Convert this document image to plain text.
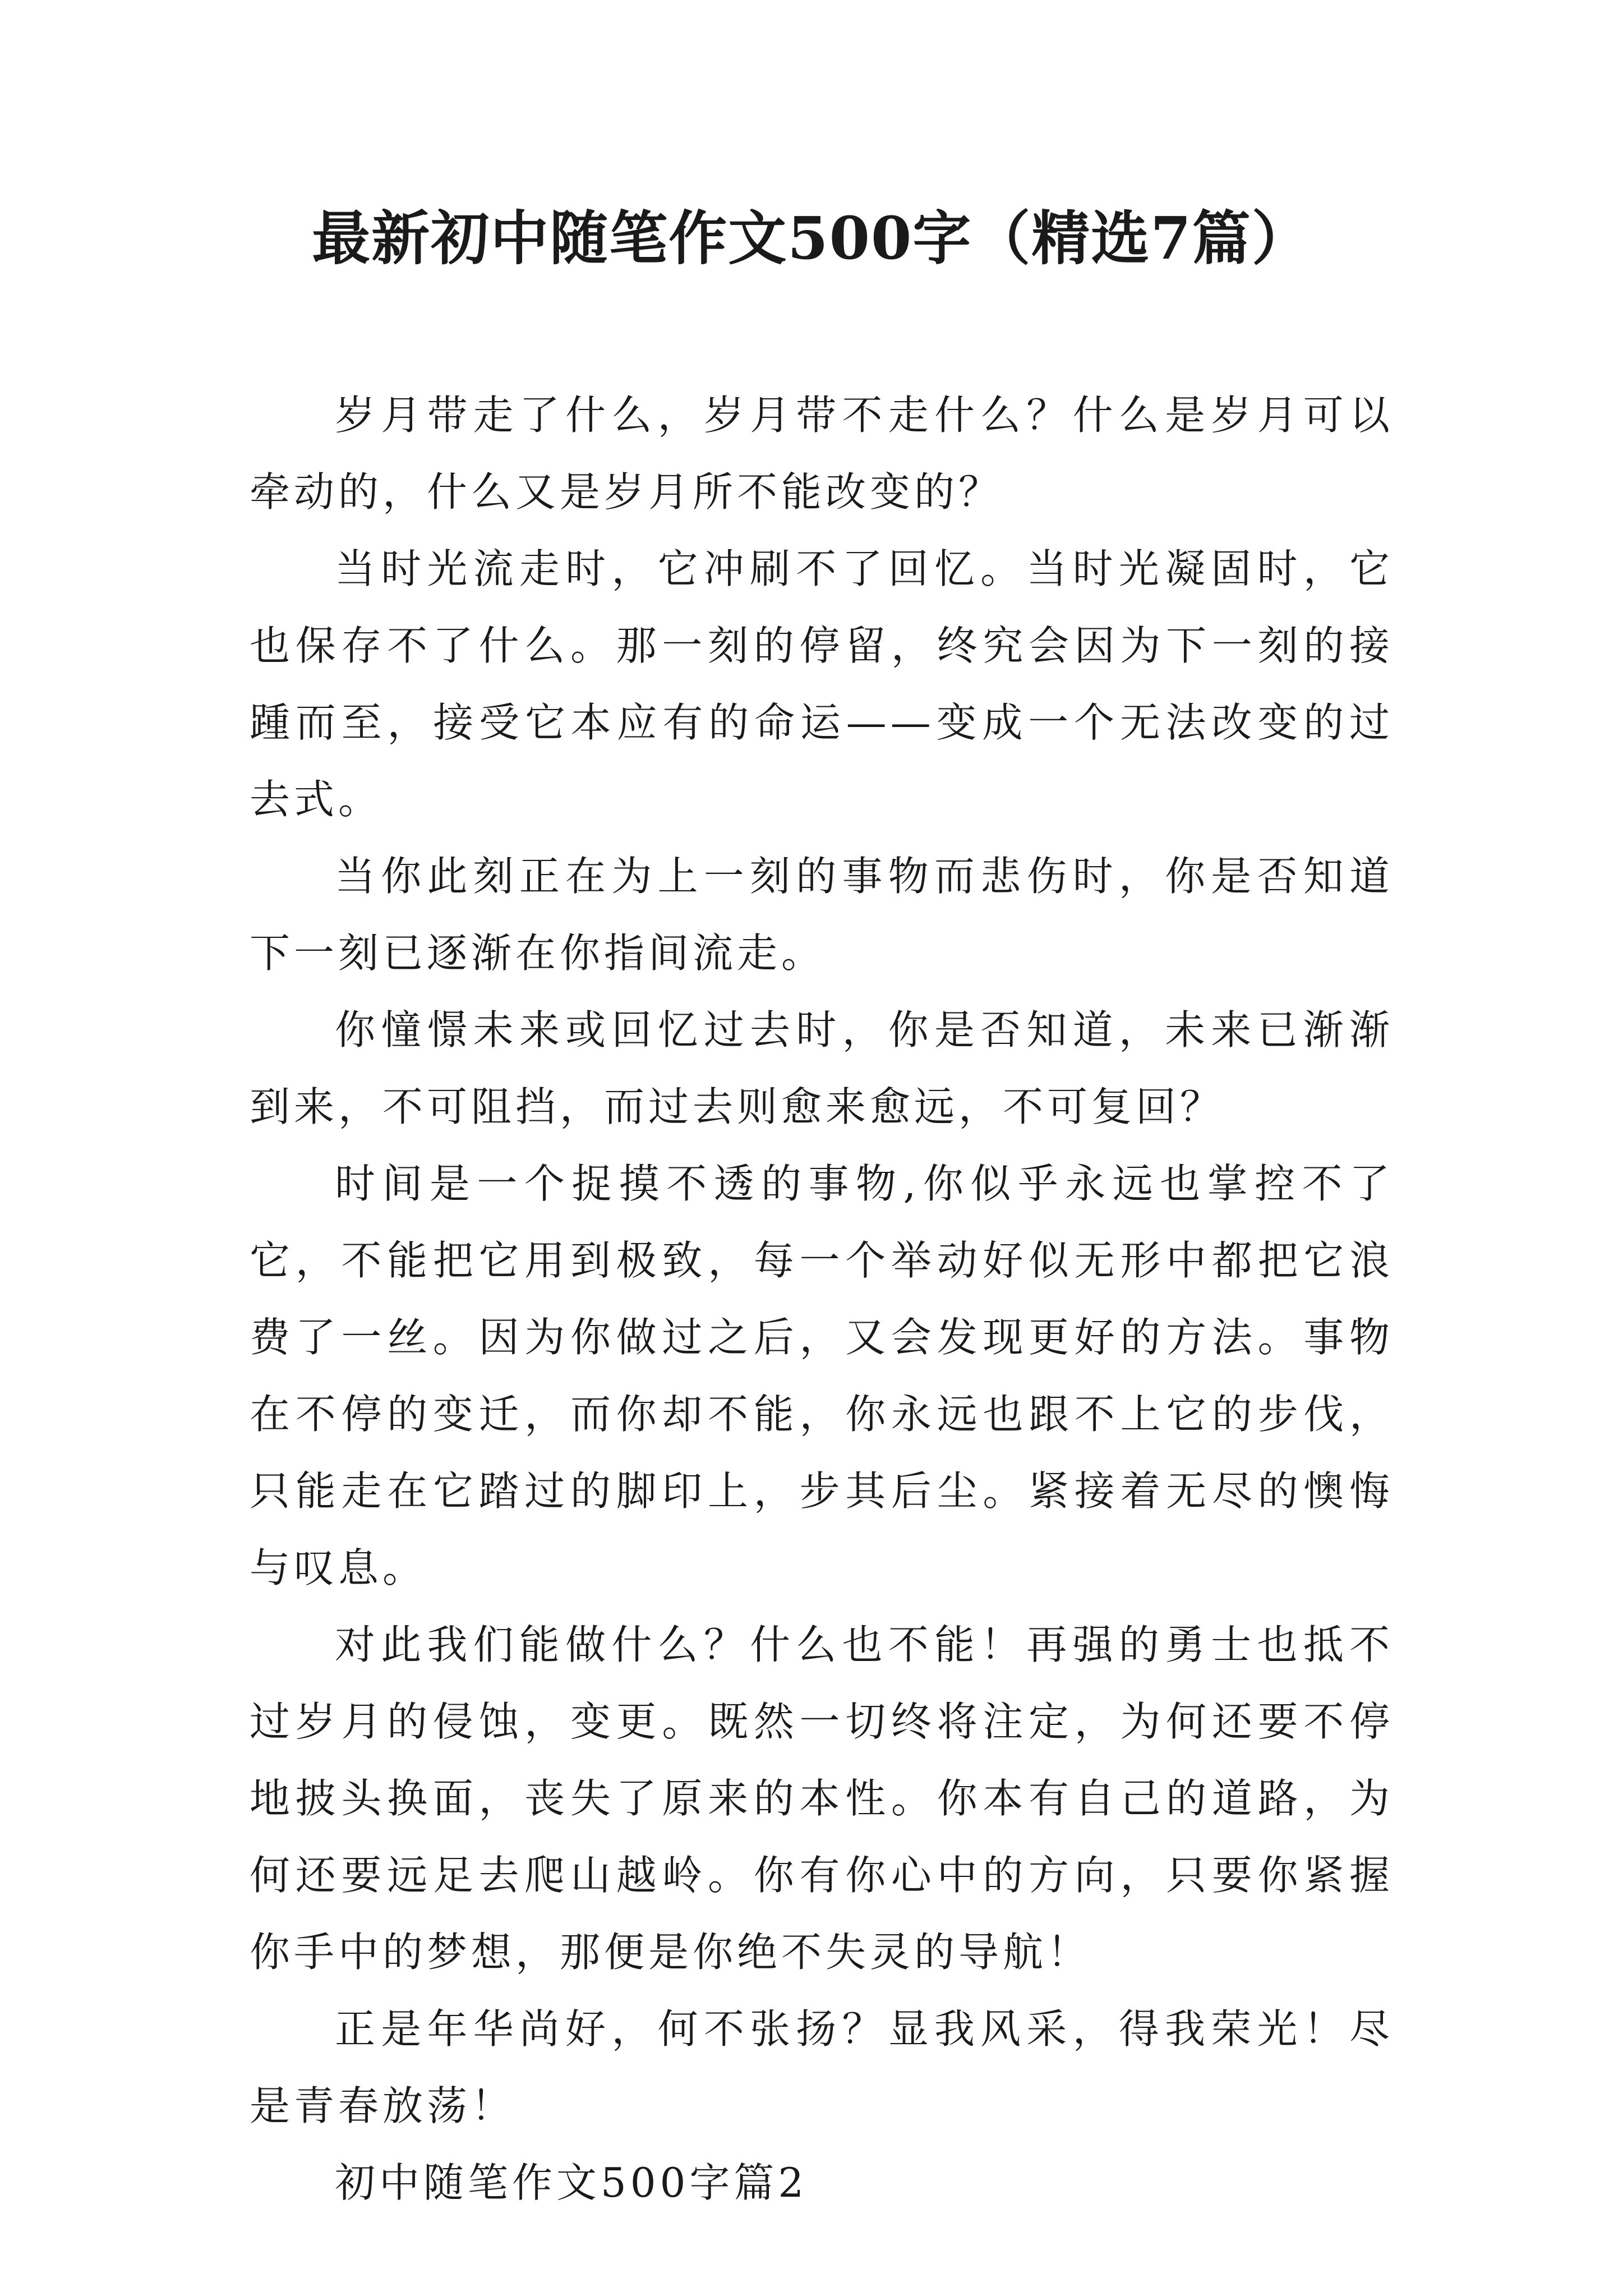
最新初中随笔作文500字（精选7篇）

岁月带走了什么，岁月带不走什么？什么是岁月可以牵动的，什么又是岁月所不能改变的？

当时光流走时，它冲刷不了回忆。当时光凝固时，它也保存不了什么。那一刻的停留，终究会因为下一刻的接踵而至，接受它本应有的命运——变成一个无法改变的过去式。

当你此刻正在为上一刻的事物而悲伤时，你是否知道下一刻已逐渐在你指间流走。

你憧憬未来或回忆过去时，你是否知道，未来已渐渐到来，不可阻挡，而过去则愈来愈远，不可复回？

时间是一个捉摸不透的事物,你似乎永远也掌控不了它，不能把它用到极致，每一个举动好似无形中都把它浪费了一丝。因为你做过之后，又会发现更好的方法。事物在不停的变迁，而你却不能，你永远也跟不上它的步伐，只能走在它踏过的脚印上，步其后尘。紧接着无尽的懊悔与叹息。

对此我们能做什么？什么也不能！再强的勇士也抵不过岁月的侵蚀，变更。既然一切终将注定，为何还要不停地披头换面，丧失了原来的本性。你本有自己的道路，为何还要远足去爬山越岭。你有你心中的方向，只要你紧握你手中的梦想，那便是你绝不失灵的导航！

正是年华尚好，何不张扬？显我风采，得我荣光！尽是青春放荡！

初中随笔作文500字篇2
